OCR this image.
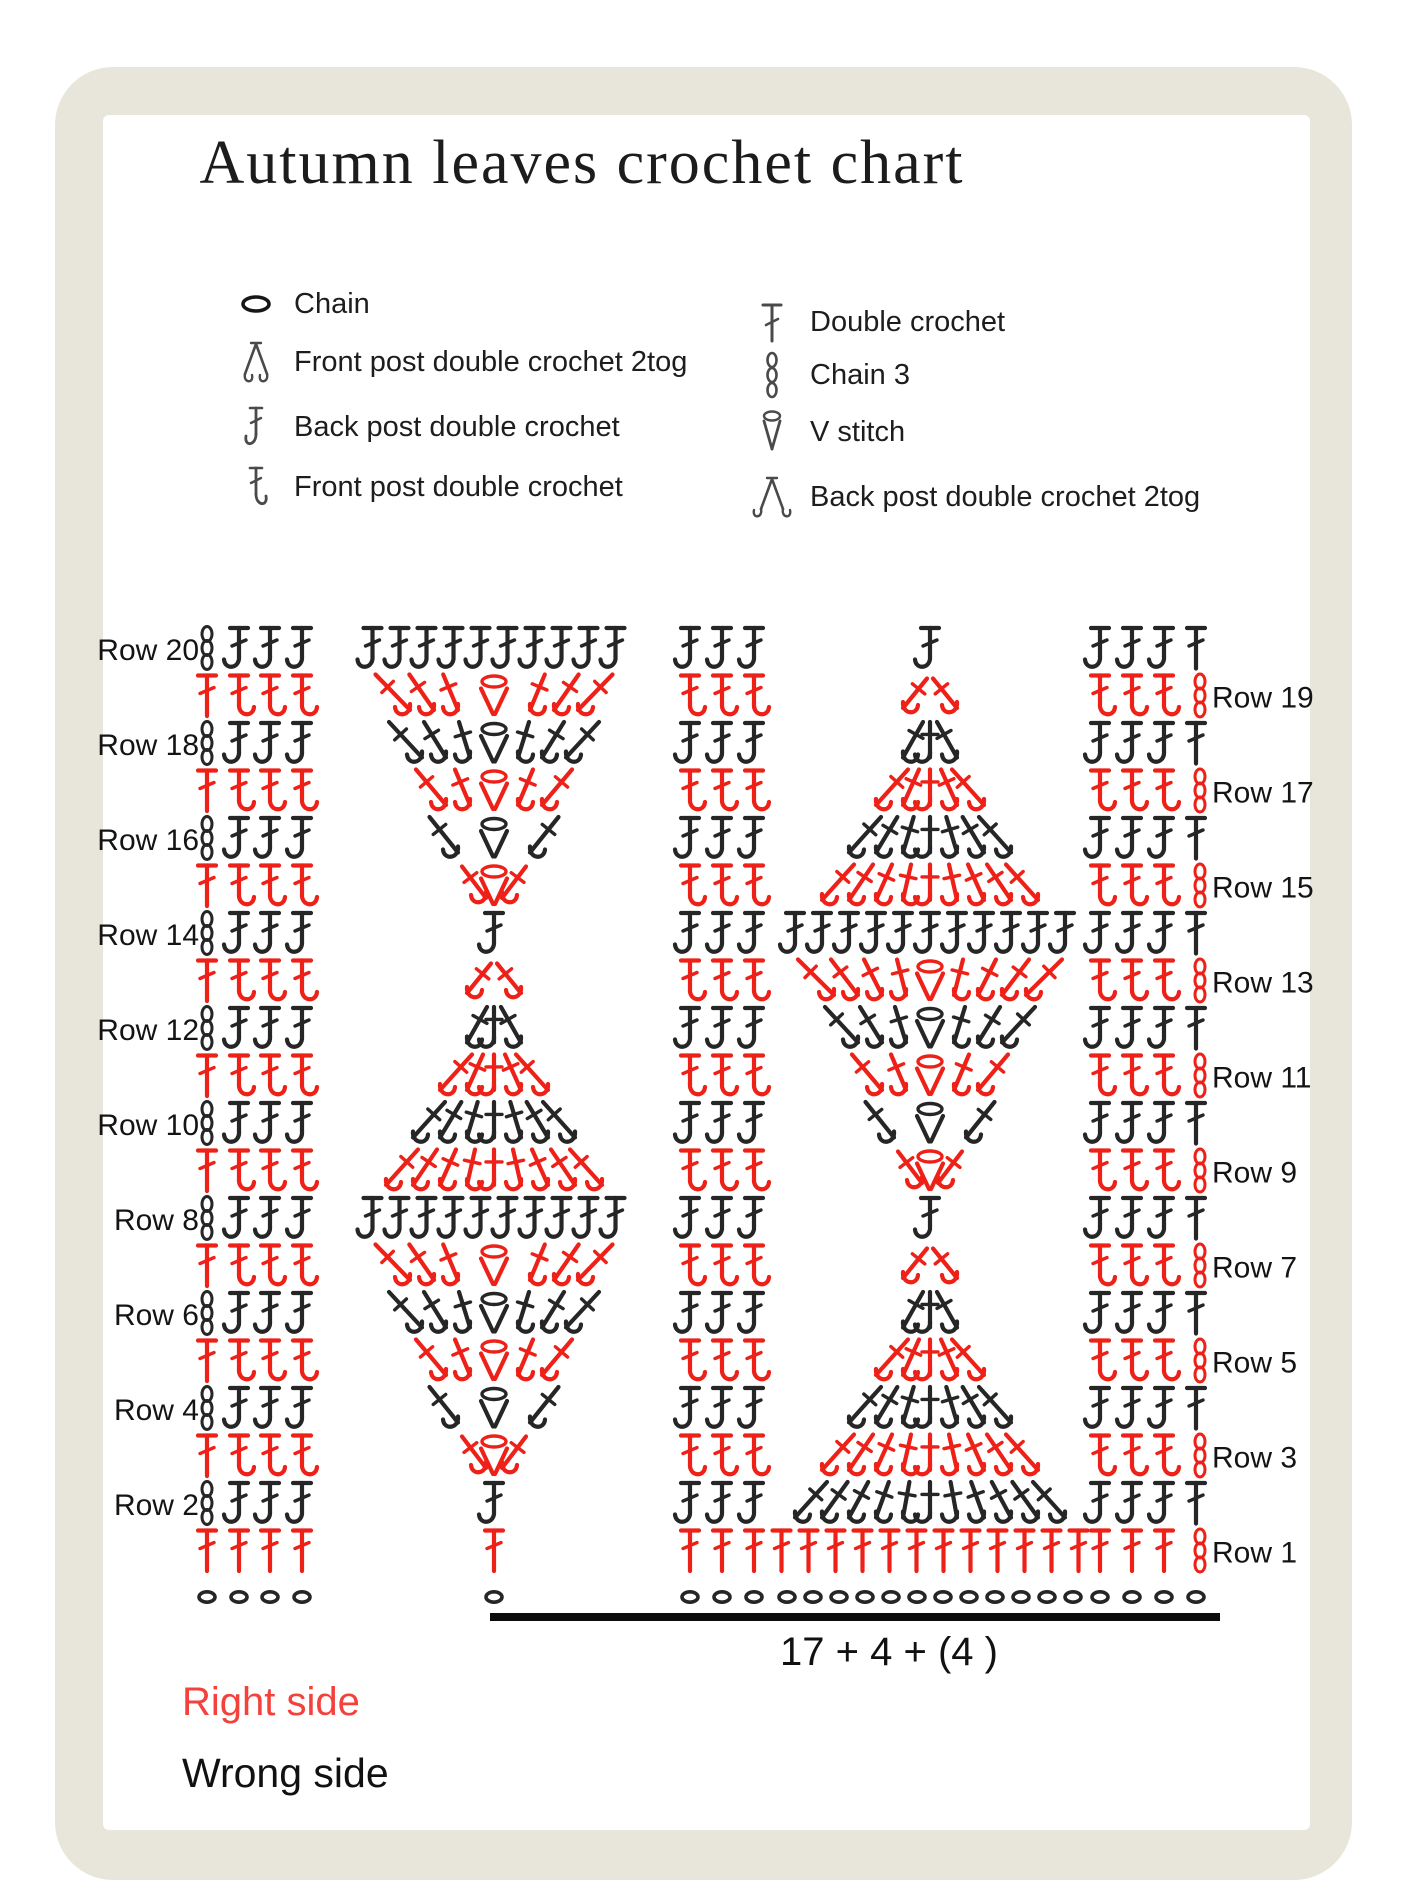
Autumn leaves crochet chart
Chain
Front post double crochet 2tog
Back post double crochet
Front post double crochet
Double crochet
Chain 3
V stitch
Back post double crochet 2tog
Row 20
Row 18
Row 16
Row 14
Row 12
Row 10
Row 8
Row 6
Row 4
Row 2
Row 19
Row 17
Row 15
Row 13
Row 11
Row 9
Row 7
Row 5
Row 3
Row 1
17 + 4 + (4 )
Right side
Wrong side
